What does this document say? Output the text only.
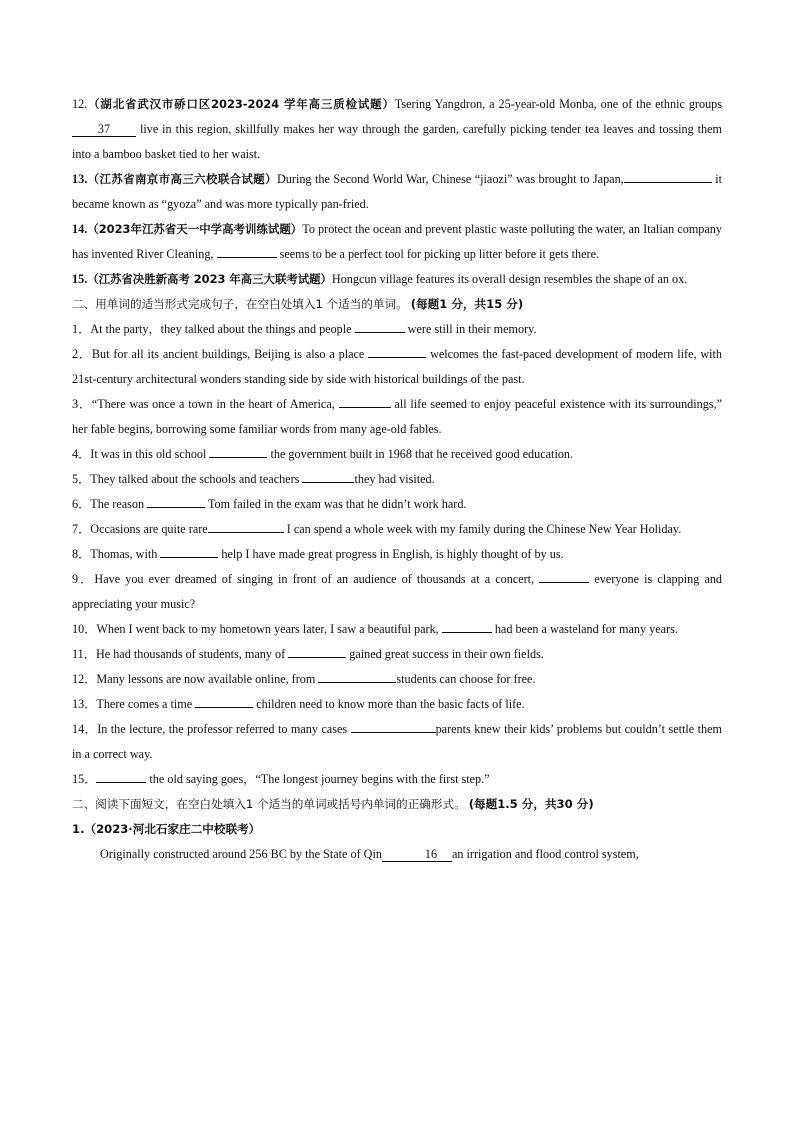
12.（湖北省武汉市硚口区2023-2024 学年高三质检试题）Tsering Yangdron, a 25-year-old Monba, one of the ethnic groups 37 live in this region, skillfully makes her way through the garden, carefully picking tender tea leaves and tossing them into a bamboo basket tied to her waist.

13.（江苏省南京市高三六校联合试题）During the Second World War, Chinese “jiaozi” was brought to Japan,	it became known as “gyoza” and was more typically pan-fried.

14.（2023年江苏省天一中学高考训练试题）To protect the ocean and prevent plastic waste polluting the water, an Italian company has invented River Cleaning,	seems to be a perfect tool for picking up litter before it gets there.

15.（江苏省决胜新高考 2023 年高三大联考试题）Hongcun village features its overall design resembles the shape of an ox.

二、用单词的适当形式完成句子，在空白处填入1 个适当的单词。 (每题1 分，共15 分)

1．At the party，they talked about the things and people	were still in their memory.

2．But for all its ancient buildings, Beijing is also a place	welcomes the fast-paced development of modern life, with 21st-century architectural wonders standing side by side with historical buildings of the past.

3．“There was once a town in the heart of America,	all life seemed to enjoy peaceful existence with its surroundings,” her fable begins, borrowing some familiar words from many age-old fables.

4．It was in this old school	the government built in 1968 that he received good education.

5．They talked about the schools and teachers	they had visited.

6．The reason	Tom failed in the exam was that he didn’t work hard.

7．Occasions are quite rare	I can spend a whole week with my family during the Chinese New Year Holiday.

8．Thomas, with	help I have made great progress in English, is highly thought of by us.

9．Have you ever dreamed of singing in front of an audience of thousands at a concert,	everyone is clapping and appreciating your music?

10．When I went back to my hometown years later, I saw a beautiful park,	had been a wasteland for many years.

11．He had thousands of students, many of	gained great success in their own fields.

12．Many lessons are now available online, from	students can choose for free.

13．There comes a time	children need to know more than the basic facts of life.

14．In the lecture, the professor referred to many cases	parents knew their kids’ problems but couldn’t settle them in a correct way.

15．	the old saying goes，“The longest journey begins with the first step.”

二、阅读下面短文，在空白处填入1 个适当的单词或括号内单词的正确形式。 (每题1.5 分，共30 分)

1.（2023·河北石家庄二中校联考）

Originally constructed around 256 BC by the State of Qin	16 an irrigation and flood control system,
